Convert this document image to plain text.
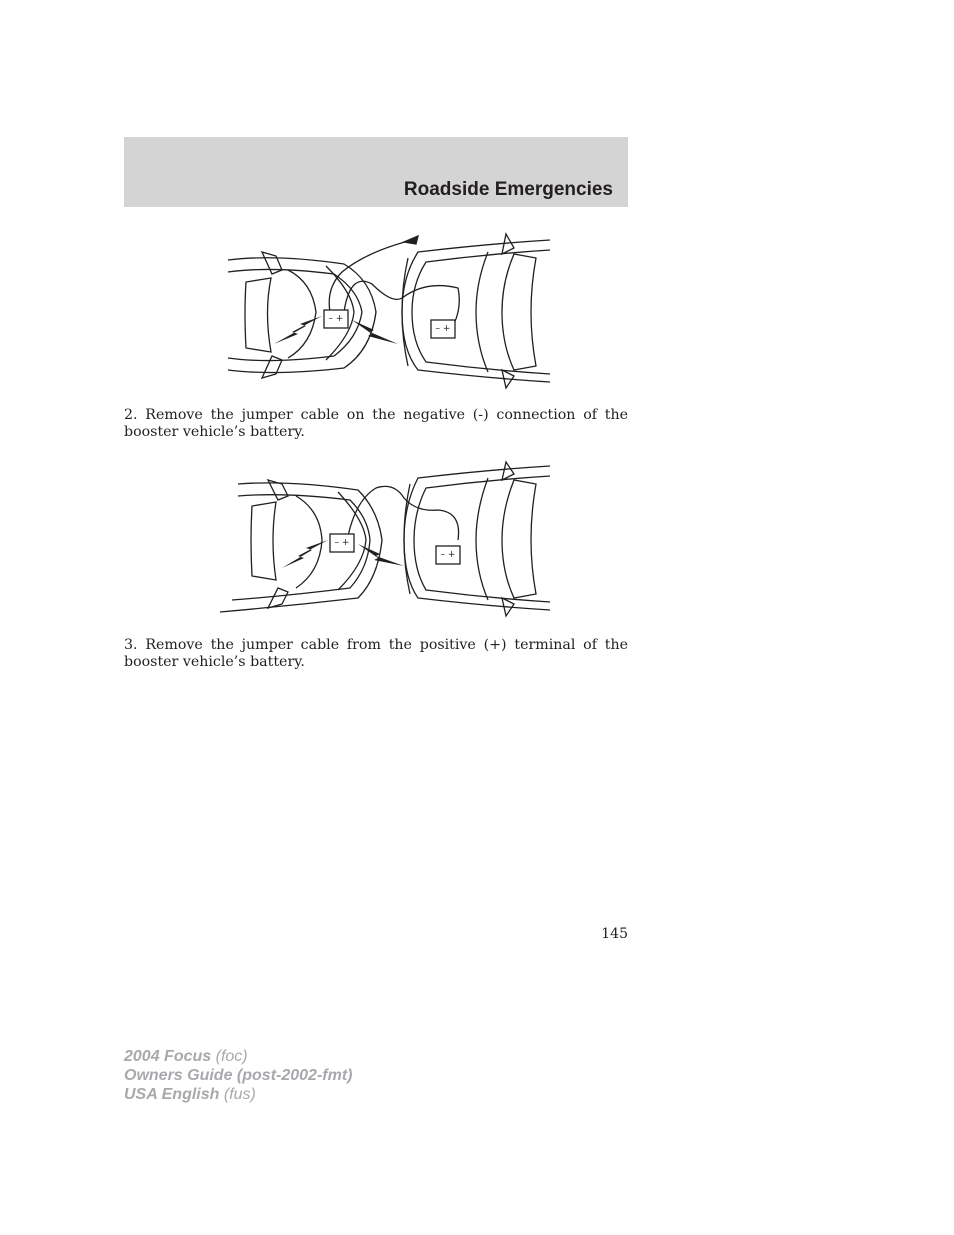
Roadside Emergencies
– +
– +

2. Remove the jumper cable on the negative (-) connection of the booster vehicle’s battery.

– +
– +

3. Remove the jumper cable from the positive (+) terminal of the booster vehicle’s battery.

145
2004 Focus (foc)
Owners Guide (post-2002-fmt)
USA English (fus)
